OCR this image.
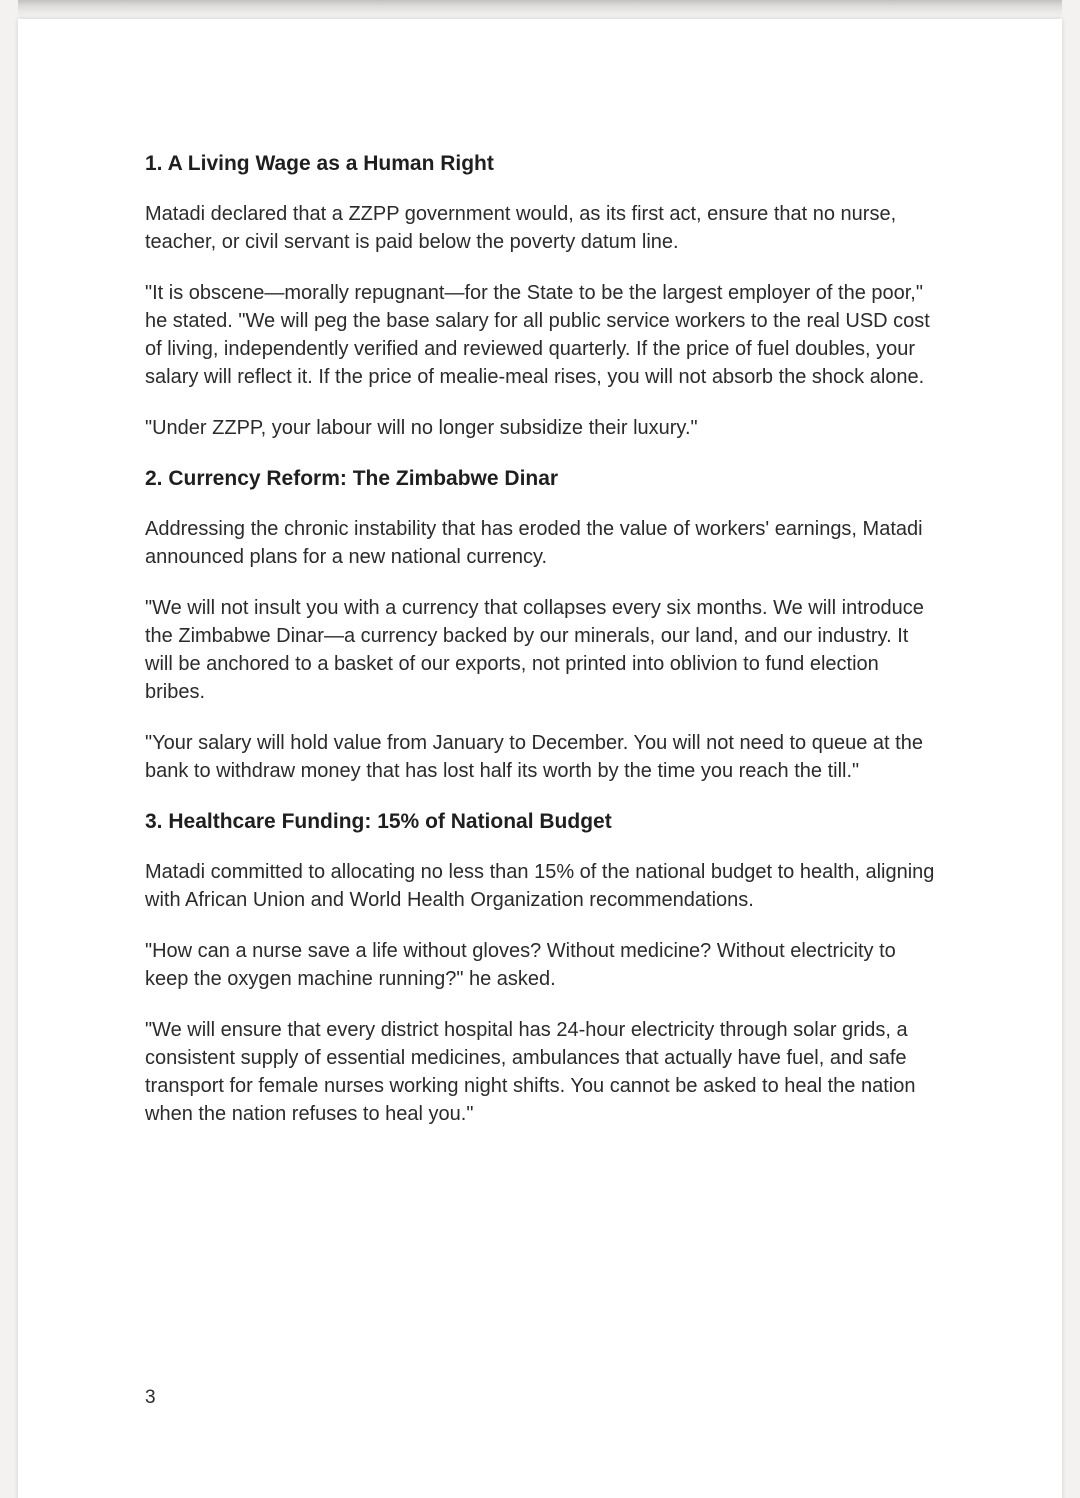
1. A Living Wage as a Human Right

Matadi declared that a ZZPP government would, as its first act, ensure that no nurse, teacher, or civil servant is paid below the poverty datum line.

"It is obscene—morally repugnant—for the State to be the largest employer of the poor," he stated. "We will peg the base salary for all public service workers to the real USD cost of living, independently verified and reviewed quarterly. If the price of fuel doubles, your salary will reflect it. If the price of mealie-meal rises, you will not absorb the shock alone.

"Under ZZPP, your labour will no longer subsidize their luxury."

2. Currency Reform: The Zimbabwe Dinar

Addressing the chronic instability that has eroded the value of workers' earnings, Matadi announced plans for a new national currency.

"We will not insult you with a currency that collapses every six months. We will introduce the Zimbabwe Dinar—a currency backed by our minerals, our land, and our industry. It will be anchored to a basket of our exports, not printed into oblivion to fund election bribes.

"Your salary will hold value from January to December. You will not need to queue at the bank to withdraw money that has lost half its worth by the time you reach the till."

3. Healthcare Funding: 15% of National Budget

Matadi committed to allocating no less than 15% of the national budget to health, aligning with African Union and World Health Organization recommendations.

"How can a nurse save a life without gloves? Without medicine? Without electricity to keep the oxygen machine running?" he asked.

"We will ensure that every district hospital has 24-hour electricity through solar grids, a consistent supply of essential medicines, ambulances that actually have fuel, and safe transport for female nurses working night shifts. You cannot be asked to heal the nation when the nation refuses to heal you."

3
